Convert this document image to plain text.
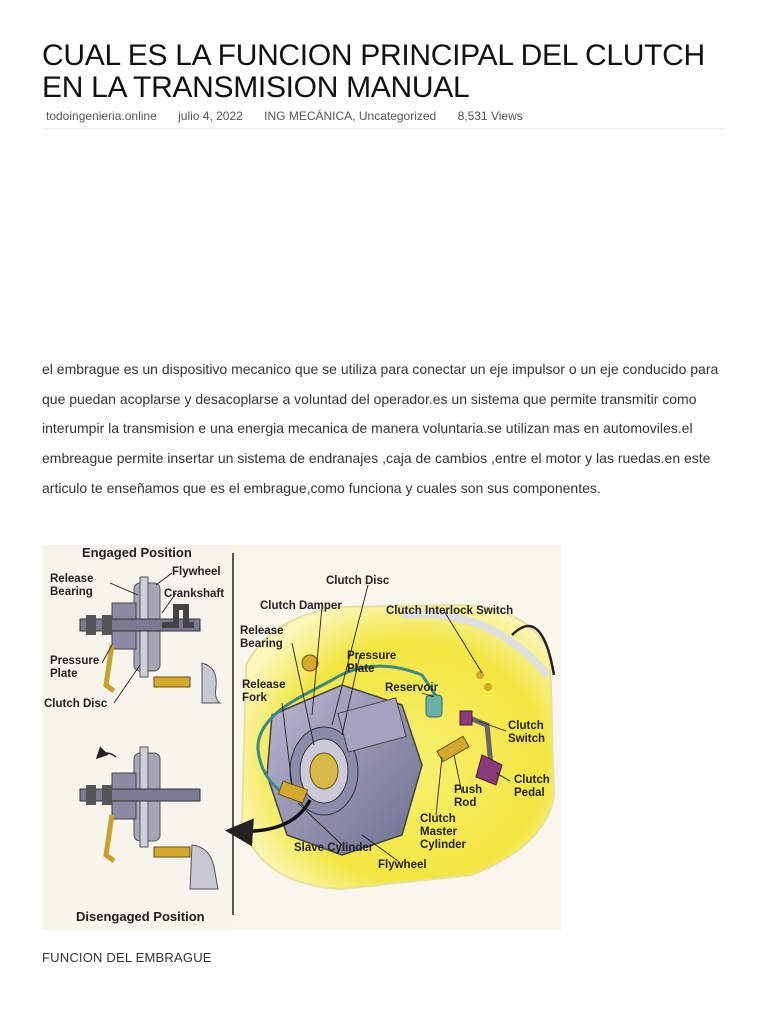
CUAL ES LA FUNCION PRINCIPAL DEL CLUTCH EN LA TRANSMISION MANUAL
todoingenieria.online julio 4, 2022 ING MECÁNICA, Uncategorized 8,531 Views

el embrague es un dispositivo mecanico que se utiliza para conectar un eje impulsor o un eje conducido para que puedan acoplarse y desacoplarse a voluntad del operador.es un sistema que permite transmitir como interumpir la transmision e una energia mecanica de manera voluntaria.se utilizan mas en automoviles.el embreague permite insertar un sistema de endranajes ,caja de cambios ,entre el motor y las ruedas.en este articulo te enseñamos que es el embrague,como funciona y cuales son sus componentes.

Engaged Position
Disengaged Position
Flywheel
Crankshaft
Release Bearing
Pressure Plate
Clutch Disc
Clutch Disc
Clutch Damper	Clutch Interlock Switch
Release Bearing
Pressure Plate
Reservoir
Release Fork
Clutch Switch
Clutch Pedal
Push Rod
Clutch Master Cylinder
Slave Cylinder
Flywheel
FUNCION DEL EMBRAGUE
